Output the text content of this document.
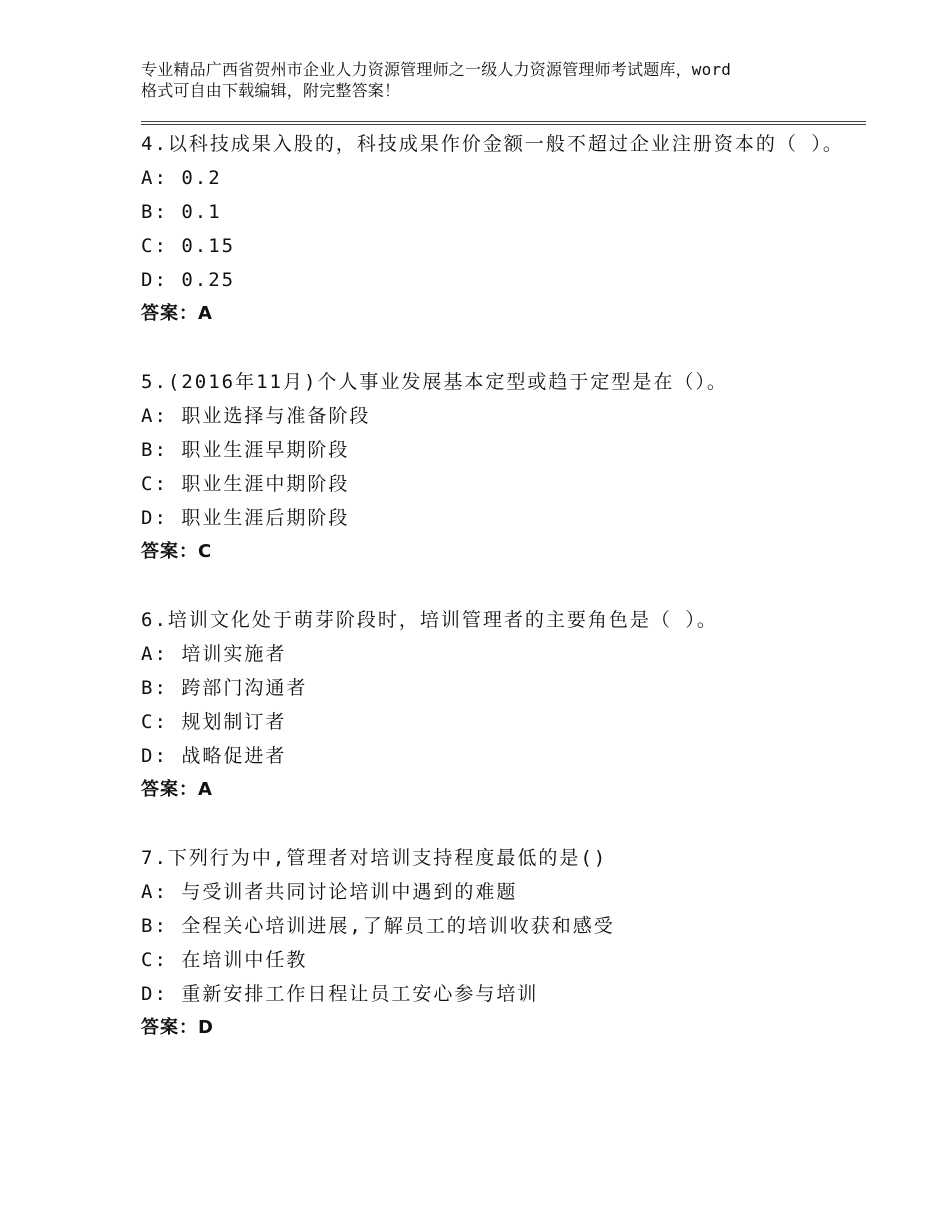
专业精品广西省贺州市企业人力资源管理师之一级人力资源管理师考试题库，word
格式可自由下载编辑，附完整答案！

4.以科技成果入股的，科技成果作价金额一般不超过企业注册资本的（ ）。

A: 0.2
B: 0.1
C: 0.15
D: 0.25
答案：A

5.(2016年11月)个人事业发展基本定型或趋于定型是在（）。

A: 职业选择与准备阶段
B: 职业生涯早期阶段
C: 职业生涯中期阶段
D: 职业生涯后期阶段
答案：C

6.培训文化处于萌芽阶段时，培训管理者的主要角色是（ ）。

A: 培训实施者
B: 跨部门沟通者
C: 规划制订者
D: 战略促进者
答案：A

7.下列行为中,管理者对培训支持程度最低的是()

A: 与受训者共同讨论培训中遇到的难题
B: 全程关心培训进展,了解员工的培训收获和感受
C: 在培训中任教
D: 重新安排工作日程让员工安心参与培训
答案：D
